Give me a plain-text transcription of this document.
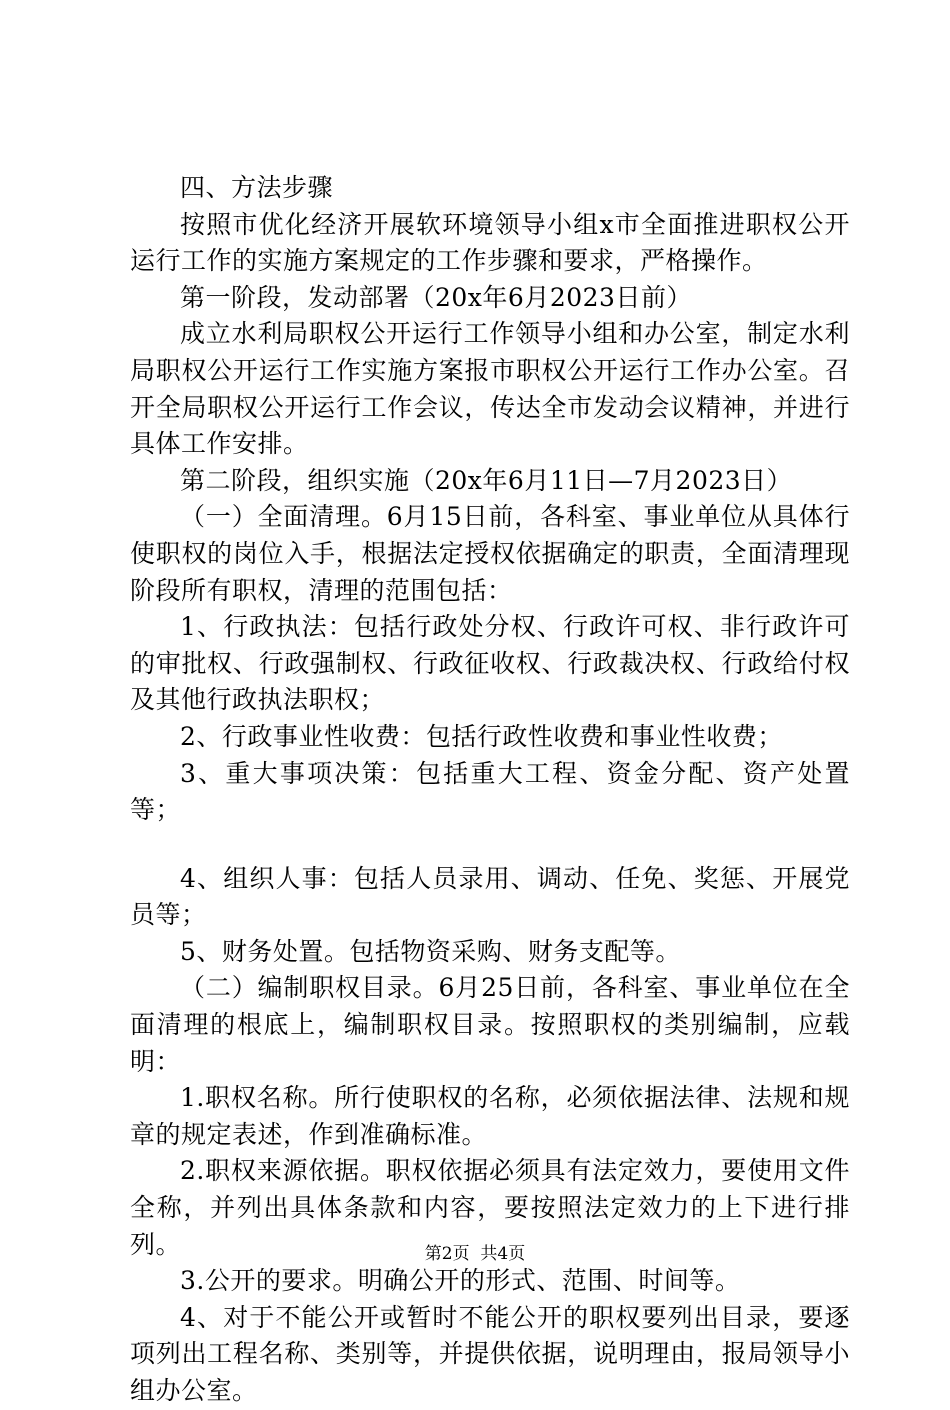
四、方法步骤

按照市优化经济开展软环境领导小组x市全面推进职权公开运行工作的实施方案规定的工作步骤和要求，严格操作。

第一阶段，发动部署（20x年6月2023日前）

成立水利局职权公开运行工作领导小组和办公室，制定水利局职权公开运行工作实施方案报市职权公开运行工作办公室。召开全局职权公开运行工作会议，传达全市发动会议精神，并进行具体工作安排。

第二阶段，组织实施（20x年6月11日—7月2023日）

（一）全面清理。6月15日前，各科室、事业单位从具体行使职权的岗位入手，根据法定授权依据确定的职责，全面清理现阶段所有职权，清理的范围包括：

1、行政执法：包括行政处分权、行政许可权、非行政许可的审批权、行政强制权、行政征收权、行政裁决权、行政给付权及其他行政执法职权；

2、行政事业性收费：包括行政性收费和事业性收费；

3、重大事项决策：包括重大工程、资金分配、资产处置等；

4、组织人事：包括人员录用、调动、任免、奖惩、开展党员等；

5、财务处置。包括物资采购、财务支配等。

（二）编制职权目录。6月25日前，各科室、事业单位在全面清理的根底上，编制职权目录。按照职权的类别编制，应载明：

1.职权名称。所行使职权的名称，必须依据法律、法规和规章的规定表述，作到准确标准。

2.职权来源依据。职权依据必须具有法定效力，要使用文件全称，并列出具体条款和内容，要按照法定效力的上下进行排列。

3.公开的要求。明确公开的形式、范围、时间等。

4、对于不能公开或暂时不能公开的职权要列出目录，要逐项列出工程名称、类别等，并提供依据，说明理由，报局领导小组办公室。

第2页  共4页
